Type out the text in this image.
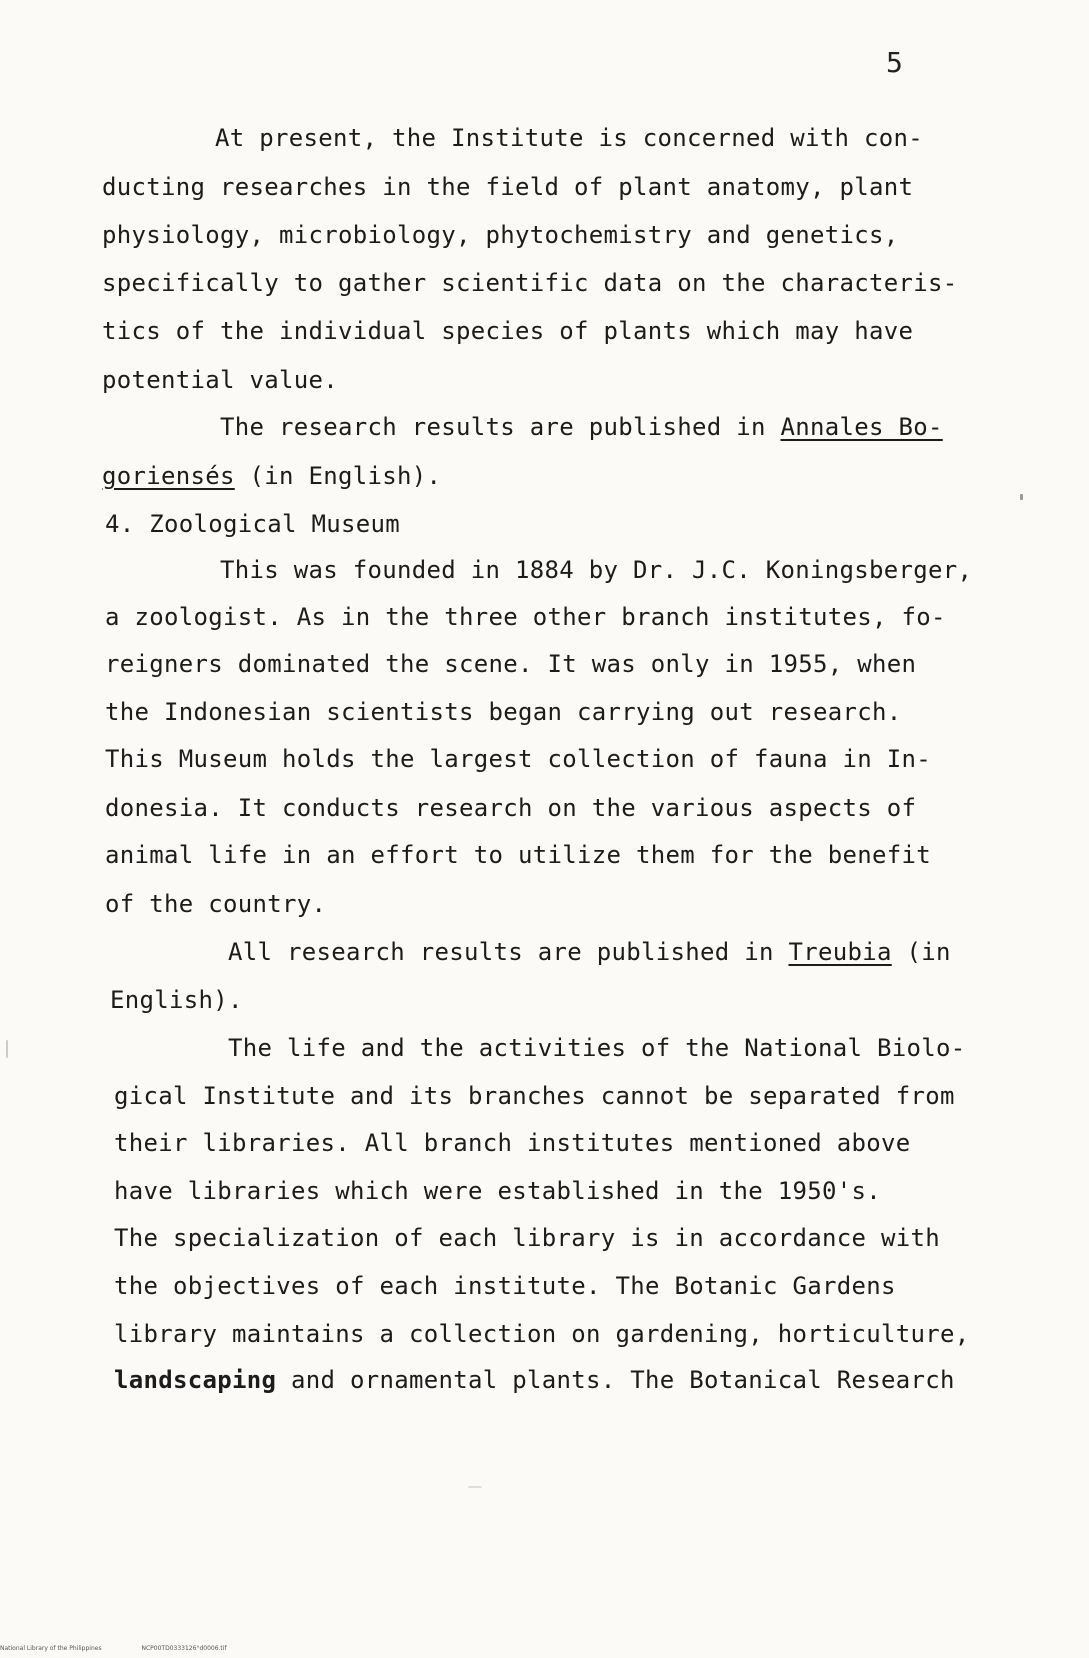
5
At present, the Institute is concerned with con-
ducting researches in the field of plant anatomy, plant
physiology, microbiology, phytochemistry and genetics,
specifically to gather scientific data on the characteris-
tics of the individual species of plants which may have
potential value.
The research results are published in Annales Bo-
goriensés (in English).
4. Zoological Museum
This was founded in 1884 by Dr. J.C. Koningsberger,
a zoologist. As in the three other branch institutes, fo-
reigners dominated the scene. It was only in 1955, when
the Indonesian scientists began carrying out research.
This Museum holds the largest collection of fauna in In-
donesia. It conducts research on the various aspects of
animal life in an effort to utilize them for the benefit
of the country.
All research results are published in Treubia (in
English).
The life and the activities of the National Biolo-
gical Institute and its branches cannot be separated from
their libraries. All branch institutes mentioned above
have libraries which were established in the 1950's.
The specialization of each library is in accordance with
the objectives of each institute. The Botanic Gardens
library maintains a collection on gardening, horticulture,
landscaping and ornamental plants. The Botanical Research
National Library of the Philippines	NCP00TD0333126°d0006.tif
